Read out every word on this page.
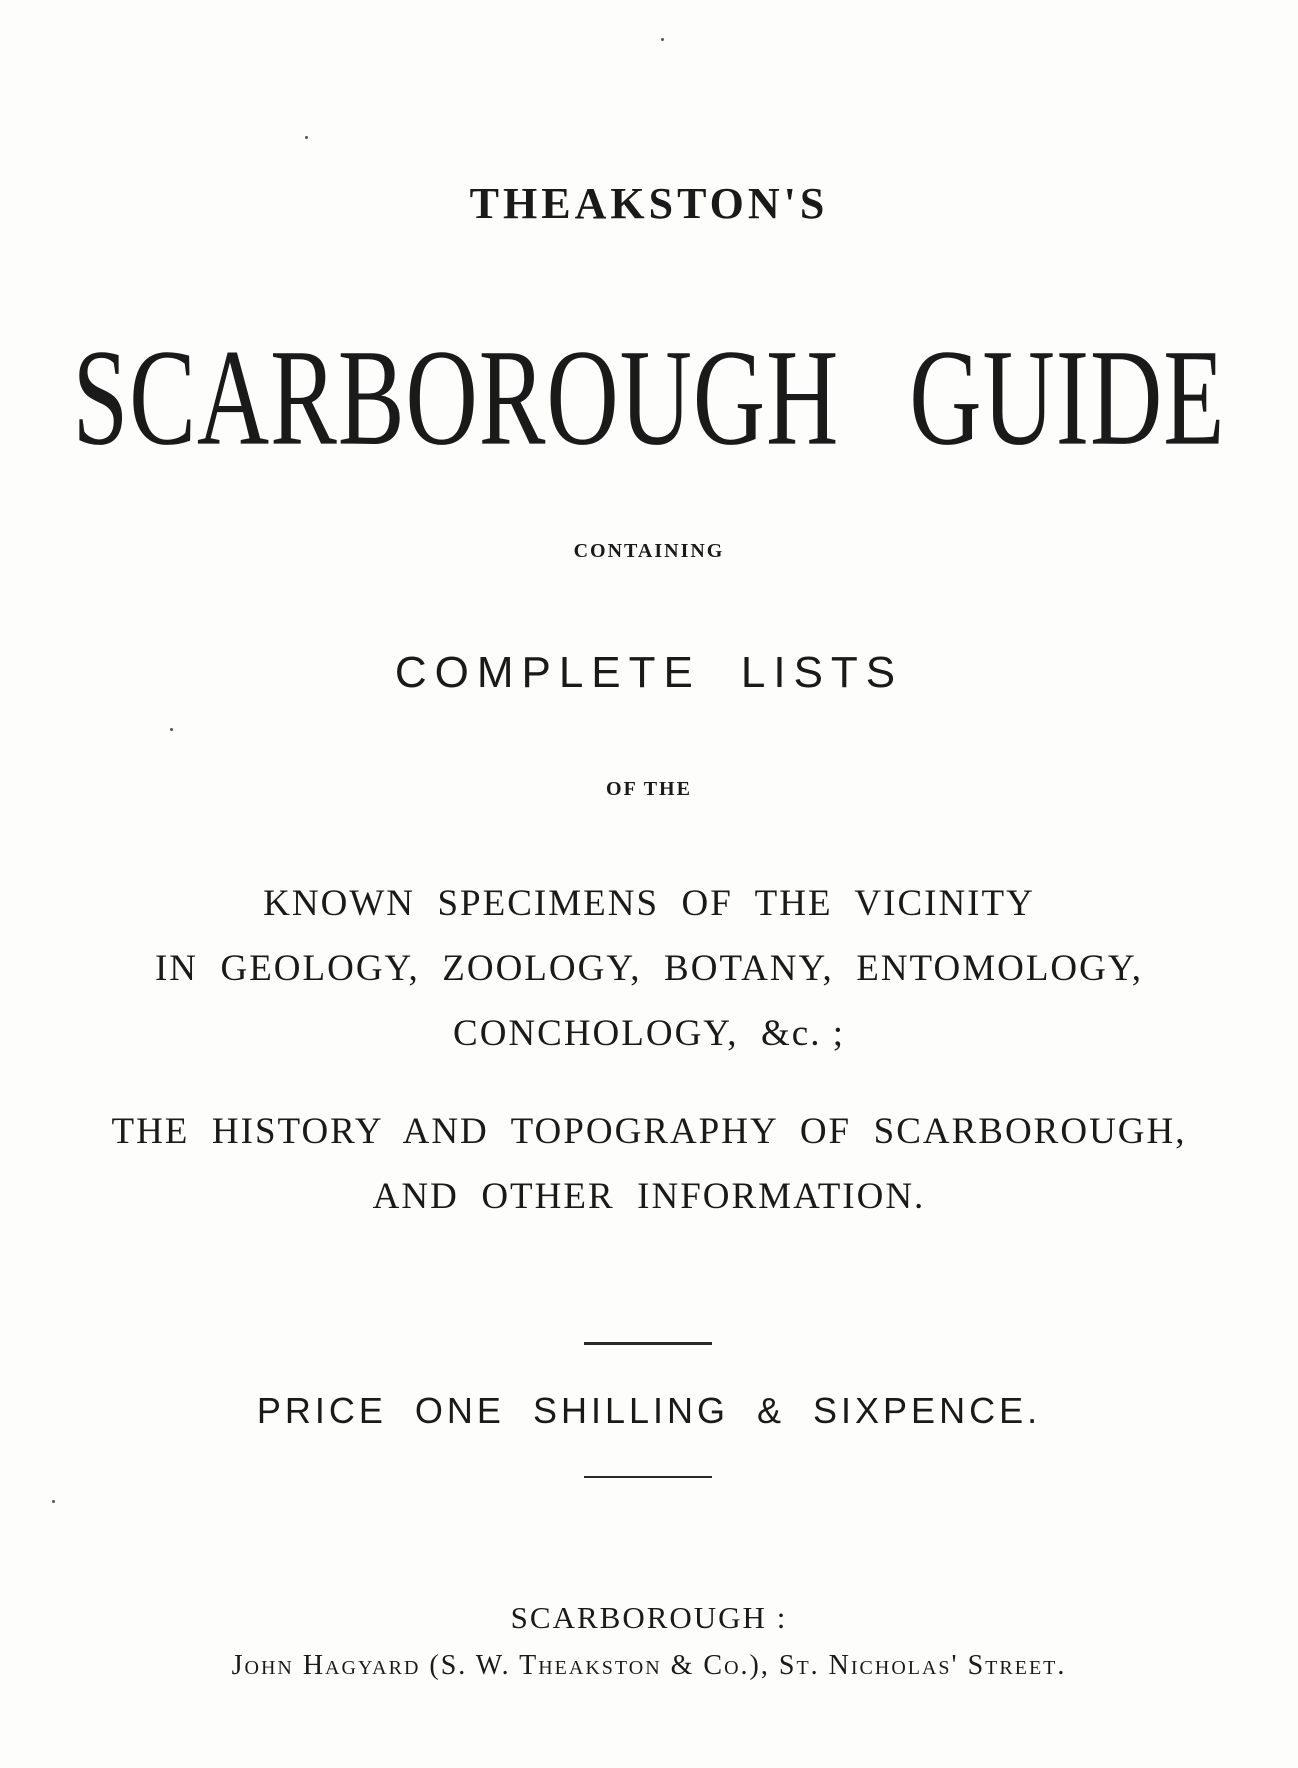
THEAKSTON'S
SCARBOROUGH GUIDE
CONTAINING
COMPLETE LISTS
OF THE
KNOWN  SPECIMENS  OF  THE  VICINITY
IN  GEOLOGY,  ZOOLOGY,  BOTANY,  ENTOMOLOGY,
CONCHOLOGY,  &c. ;
THE  HISTORY  AND  TOPOGRAPHY  OF  SCARBOROUGH,
AND  OTHER  INFORMATION.
PRICE  ONE  SHILLING  &  SIXPENCE.
SCARBOROUGH :
John Hagyard (S. W. Theakston & Co.), St. Nicholas' Street.
